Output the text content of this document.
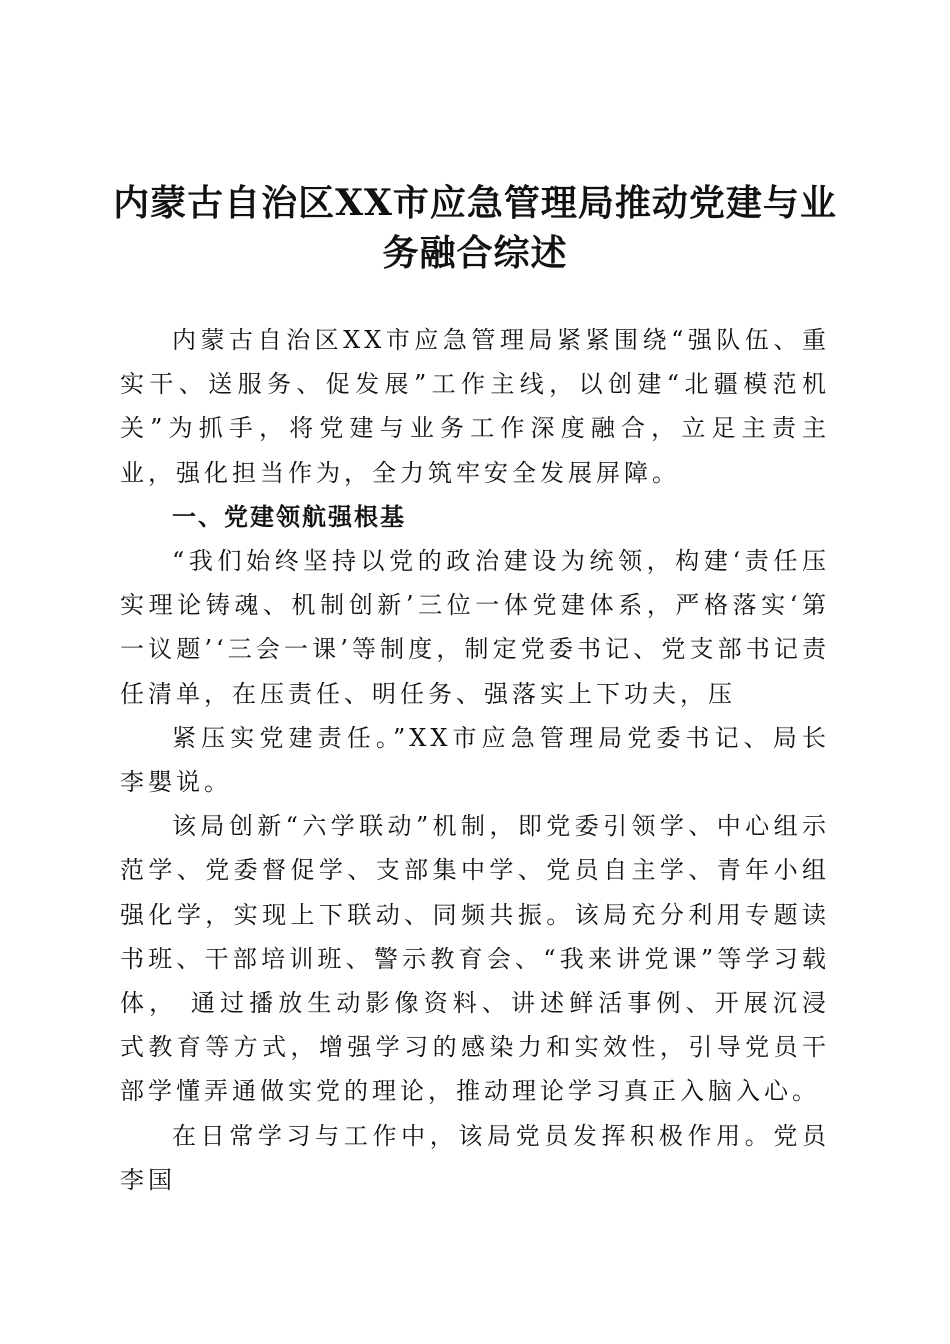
内蒙古自治区XX市应急管理局推动党建与业
务融合综述

内蒙古自治区XX市应急管理局紧紧围绕“强队伍、重实干、送服务、促发展”工作主线，以创建“北疆模范机关”为抓手，将党建与业务工作深度融合，立足主责主业，强化担当作为，全力筑牢安全发展屏障。

一、党建领航强根基

“我们始终坚持以党的政治建设为统领，构建‘责任压实理论铸魂、机制创新’三位一体党建体系，严格落实‘第一议题’‘三会一课’等制度，制定党委书记、党支部书记责任清单，在压责任、明任务、强落实上下功夫，压

紧压实党建责任。”XX市应急管理局党委书记、局长李嬰说。

该局创新“六学联动”机制，即党委引领学、中心组示范学、党委督促学、支部集中学、党员自主学、青年小组强化学，实现上下联动、同频共振。该局充分利用专题读书班、干部培训班、警示教育会、“我来讲党课”等学习载体， 通过播放生动影像资料、讲述鲜活事例、开展沉浸式教育等方式，增强学习的感染力和实效性，引导党员干部学懂弄通做实党的理论，推动理论学习真正入脑入心。

在日常学习与工作中，该局党员发挥积极作用。党员李国
